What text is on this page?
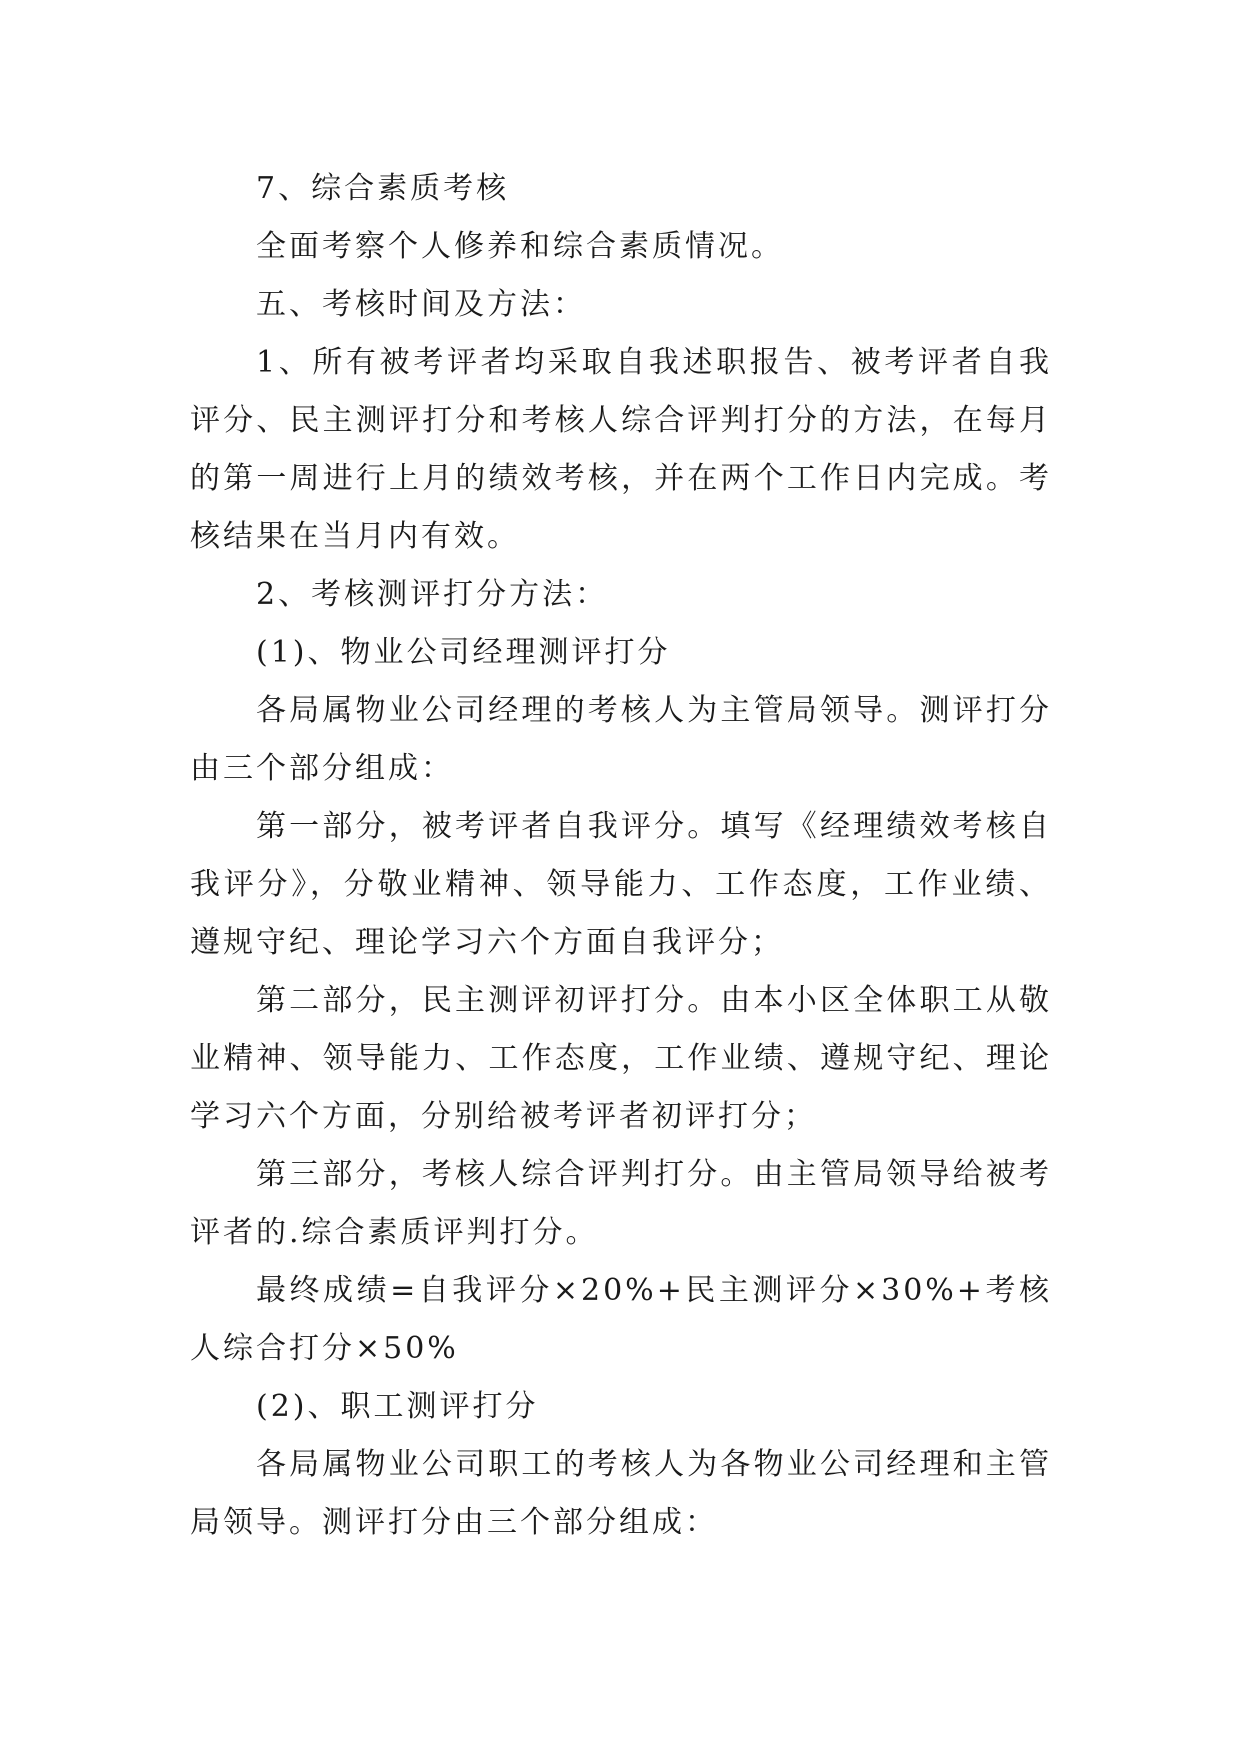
7、综合素质考核

全面考察个人修养和综合素质情况。

五、考核时间及方法：

1、所有被考评者均采取自我述职报告、被考评者自我评分、民主测评打分和考核人综合评判打分的方法，在每月的第一周进行上月的绩效考核，并在两个工作日内完成。考核结果在当月内有效。

2、考核测评打分方法：

(1)、物业公司经理测评打分

各局属物业公司经理的考核人为主管局领导。测评打分由三个部分组成：

第一部分，被考评者自我评分。填写《经理绩效考核自我评分》，分敬业精神、领导能力、工作态度，工作业绩、遵规守纪、理论学习六个方面自我评分；

第二部分，民主测评初评打分。由本小区全体职工从敬业精神、领导能力、工作态度，工作业绩、遵规守纪、理论学习六个方面，分别给被考评者初评打分；

第三部分，考核人综合评判打分。由主管局领导给被考评者的.综合素质评判打分。

最终成绩=自我评分×20%+民主测评分×30%+考核人综合打分×50%

(2)、职工测评打分

各局属物业公司职工的考核人为各物业公司经理和主管局领导。测评打分由三个部分组成：
